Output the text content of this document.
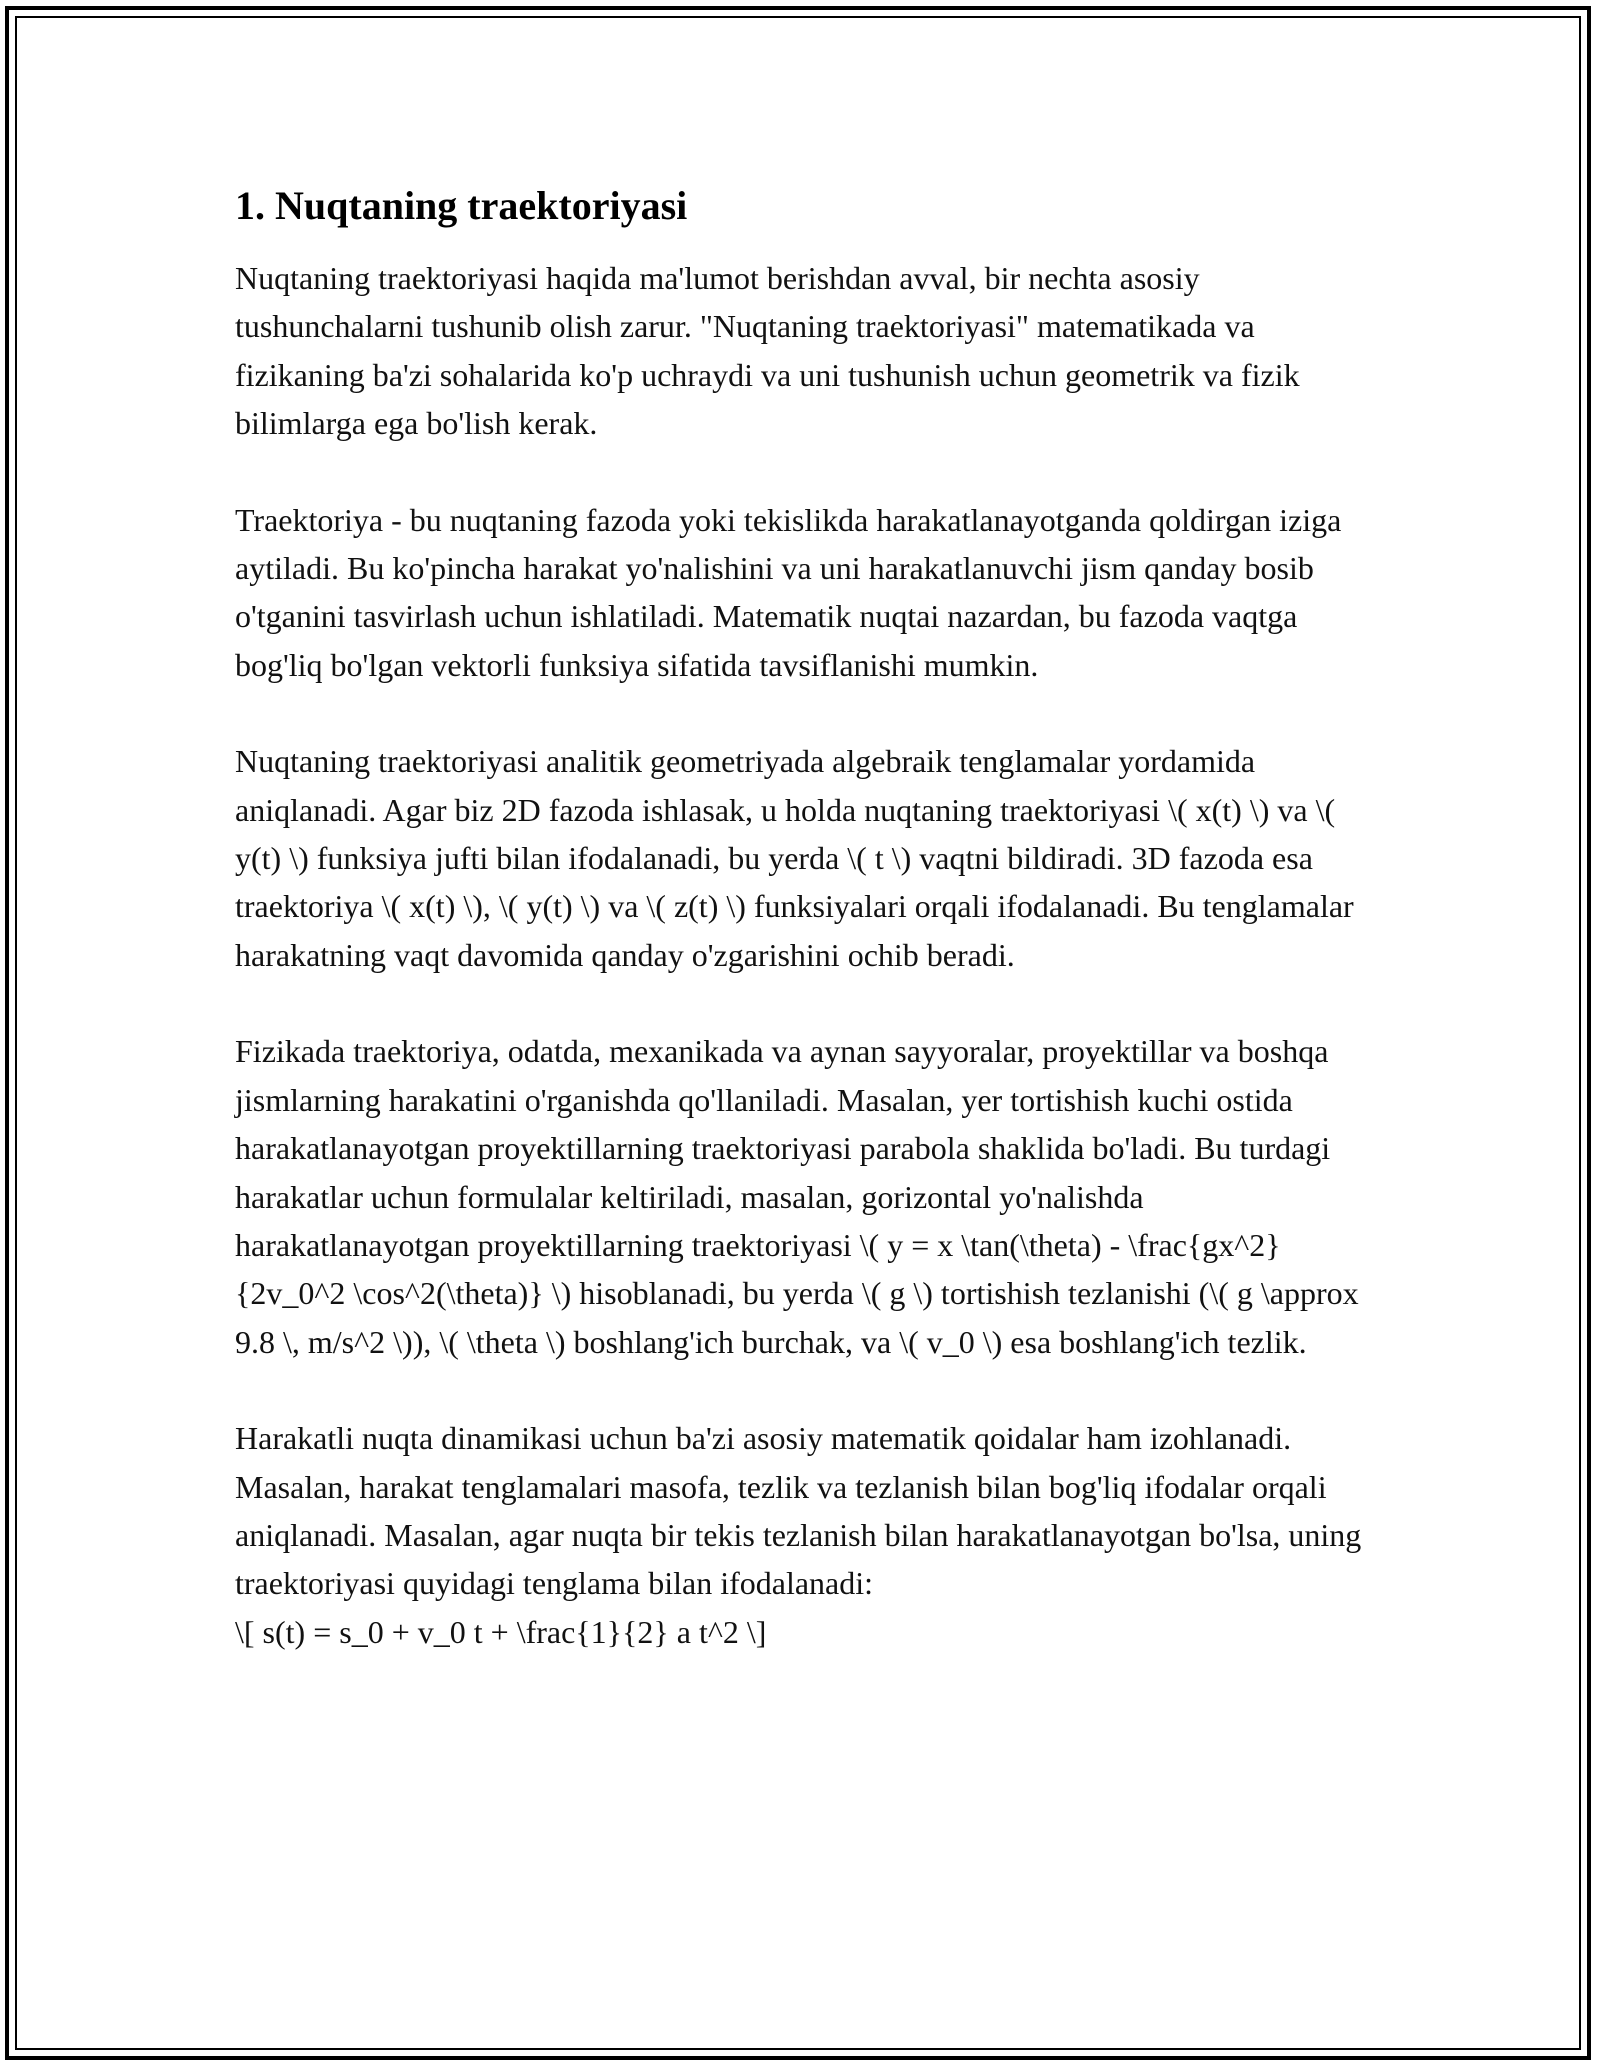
1. Nuqtaning traektoriyasi

Nuqtaning traektoriyasi haqida ma'lumot berishdan avval, bir nechta asosiy tushunchalarni tushunib olish zarur. "Nuqtaning traektoriyasi" matematikada va fizikaning ba'zi sohalarida ko'p uchraydi va uni tushunish uchun geometrik va fizik bilimlarga ega bo'lish kerak.

Traektoriya - bu nuqtaning fazoda yoki tekislikda harakatlanayotganda qoldirgan iziga aytiladi. Bu ko'pincha harakat yo'nalishini va uni harakatlanuvchi jism qanday bosib o'tganini tasvirlash uchun ishlatiladi. Matematik nuqtai nazardan, bu fazoda vaqtga bog'liq bo'lgan vektorli funksiya sifatida tavsiflanishi mumkin.

Nuqtaning traektoriyasi analitik geometriyada algebraik tenglamalar yordamida aniqlanadi. Agar biz 2D fazoda ishlasak, u holda nuqtaning traektoriyasi \( x(t) \) va \( y(t) \) funksiya jufti bilan ifodalanadi, bu yerda \( t \) vaqtni bildiradi. 3D fazoda esa traektoriya \( x(t) \), \( y(t) \) va \( z(t) \) funksiyalari orqali ifodalanadi. Bu tenglamalar harakatning vaqt davomida qanday o'zgarishini ochib beradi.

Fizikada traektoriya, odatda, mexanikada va aynan sayyoralar, proyektillar va boshqa jismlarning harakatini o'rganishda qo'llaniladi. Masalan, yer tortishish kuchi ostida harakatlanayotgan proyektillarning traektoriyasi parabola shaklida bo'ladi. Bu turdagi harakatlar uchun formulalar keltiriladi, masalan, gorizontal yo'nalishda harakatlanayotgan proyektillarning traektoriyasi \( y = x \tan(\theta) - \frac{gx^2}{2v_0^2 \cos^2(\theta)} \) hisoblanadi, bu yerda \( g \) tortishish tezlanishi (\( g \approx 9.8 \, m/s^2 \)), \( \theta \) boshlang'ich burchak, va \( v_0 \) esa boshlang'ich tezlik.

Harakatli nuqta dinamikasi uchun ba'zi asosiy matematik qoidalar ham izohlanadi. Masalan, harakat tenglamalari masofa, tezlik va tezlanish bilan bog'liq ifodalar orqali aniqlanadi. Masalan, agar nuqta bir tekis tezlanish bilan harakatlanayotgan bo'lsa, uning traektoriyasi quyidagi tenglama bilan ifodalanadi:
\[ s(t) = s_0 + v_0 t + \frac{1}{2} a t^2 \]
